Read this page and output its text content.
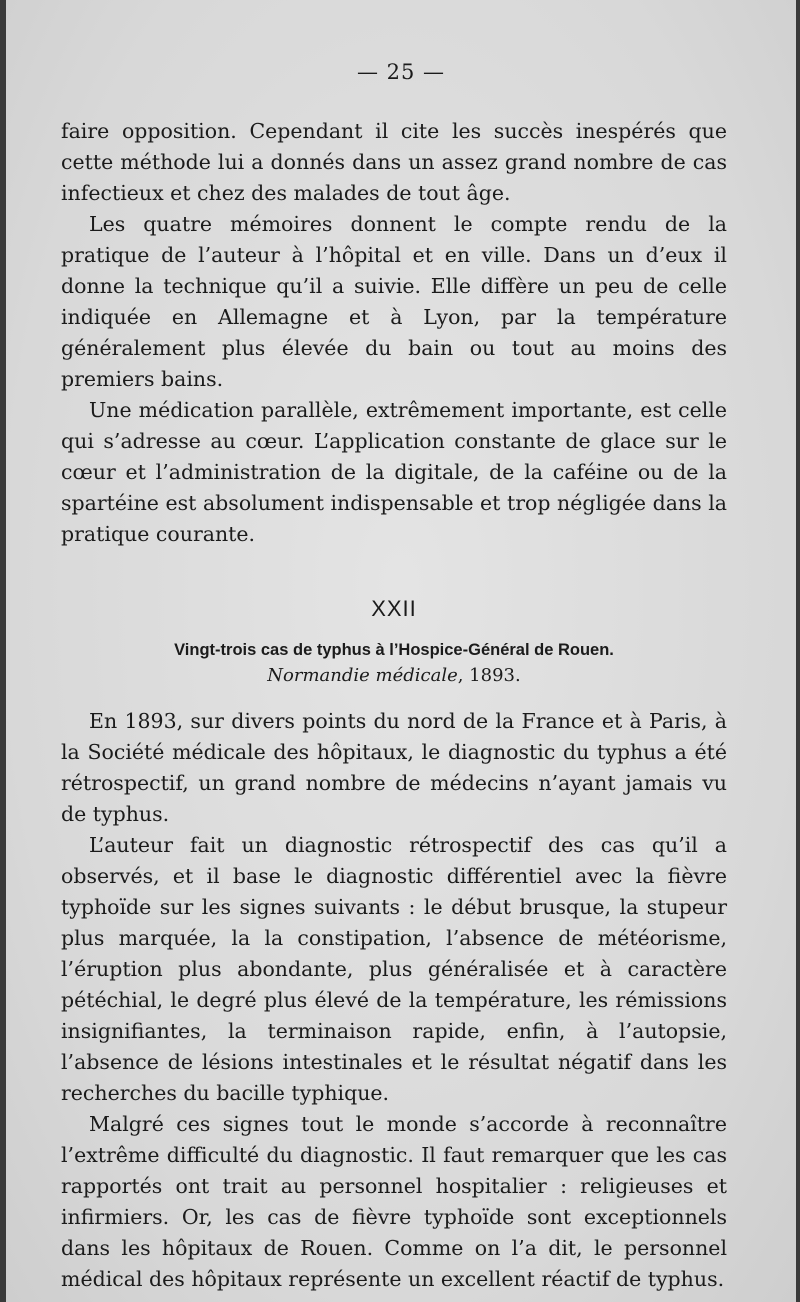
— 25 —

faire opposition. Cependant il cite les succès inespérés que cette méthode lui a donnés dans un assez grand nombre de cas infectieux et chez des malades de tout âge.

Les quatre mémoires donnent le compte rendu de la pratique de l’auteur à l’hôpital et en ville. Dans un d’eux il donne la technique qu’il a suivie. Elle diffère un peu de celle indiquée en Allemagne et à Lyon, par la température généralement plus élevée du bain ou tout au moins des premiers bains.

Une médication parallèle, extrêmement importante, est celle qui s’adresse au cœur. L’application constante de glace sur le cœur et l’administration de la digitale, de la caféine ou de la spartéine est absolument indispensable et trop négligée dans la pratique courante.

XXII
Vingt-trois cas de typhus à l’Hospice-Général de Rouen.
Normandie médicale, 1893.

En 1893, sur divers points du nord de la France et à Paris, à la Société médicale des hôpitaux, le diagnostic du typhus a été rétrospectif, un grand nombre de médecins n’ayant jamais vu de typhus.

L’auteur fait un diagnostic rétrospectif des cas qu’il a observés, et il base le diagnostic différentiel avec la fièvre typhoïde sur les signes suivants : le début brusque, la stupeur plus marquée, la la constipation, l’absence de météorisme, l’éruption plus abondante, plus généralisée et à caractère pétéchial, le degré plus élevé de la température, les rémissions insignifiantes, la terminaison rapide, enfin, à l’autopsie, l’absence de lésions intestinales et le résultat négatif dans les recherches du bacille typhique.

Malgré ces signes tout le monde s’accorde à reconnaître l’extrême difficulté du diagnostic. Il faut remarquer que les cas rapportés ont trait au personnel hospitalier : religieuses et infirmiers. Or, les cas de fièvre typhoïde sont exceptionnels dans les hôpitaux de Rouen. Comme on l’a dit, le personnel médical des hôpitaux représente un excellent réactif de typhus.
